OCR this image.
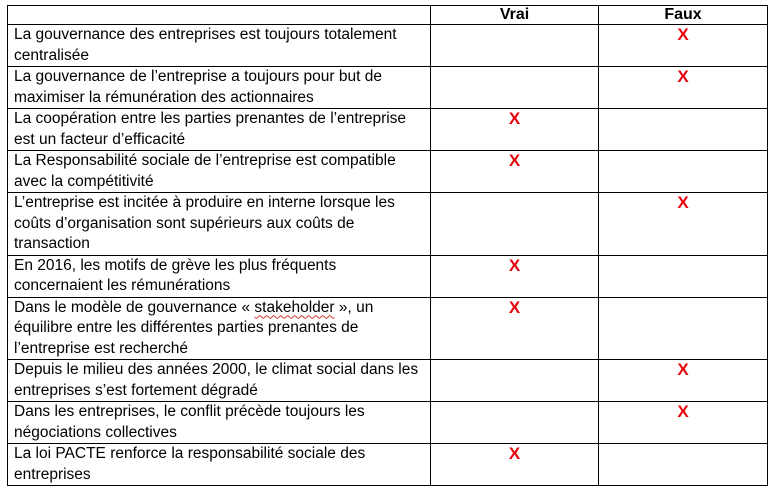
	Vrai	Faux
La gouvernance des entreprises est toujours totalement centralisée		X
La gouvernance de l’entreprise a toujours pour but de maximiser la rémunération des actionnaires		X
La coopération entre les parties prenantes de l’entreprise est un facteur d’efficacité	X	
La Responsabilité sociale de l’entreprise est compatible avec la compétitivité	X	
L’entreprise est incitée à produire en interne lorsque les coûts d’organisation sont supérieurs aux coûts de transaction		X
En 2016, les motifs de grève les plus fréquents concernaient les rémunérations	X	
Dans le modèle de gouvernance « stakeholder », un équilibre entre les différentes parties prenantes de l’entreprise est recherché	X	
Depuis le milieu des années 2000, le climat social dans les entreprises s’est fortement dégradé		X
Dans les entreprises, le conflit précède toujours les négociations collectives		X
La loi PACTE renforce la responsabilité sociale des entreprises	X	
